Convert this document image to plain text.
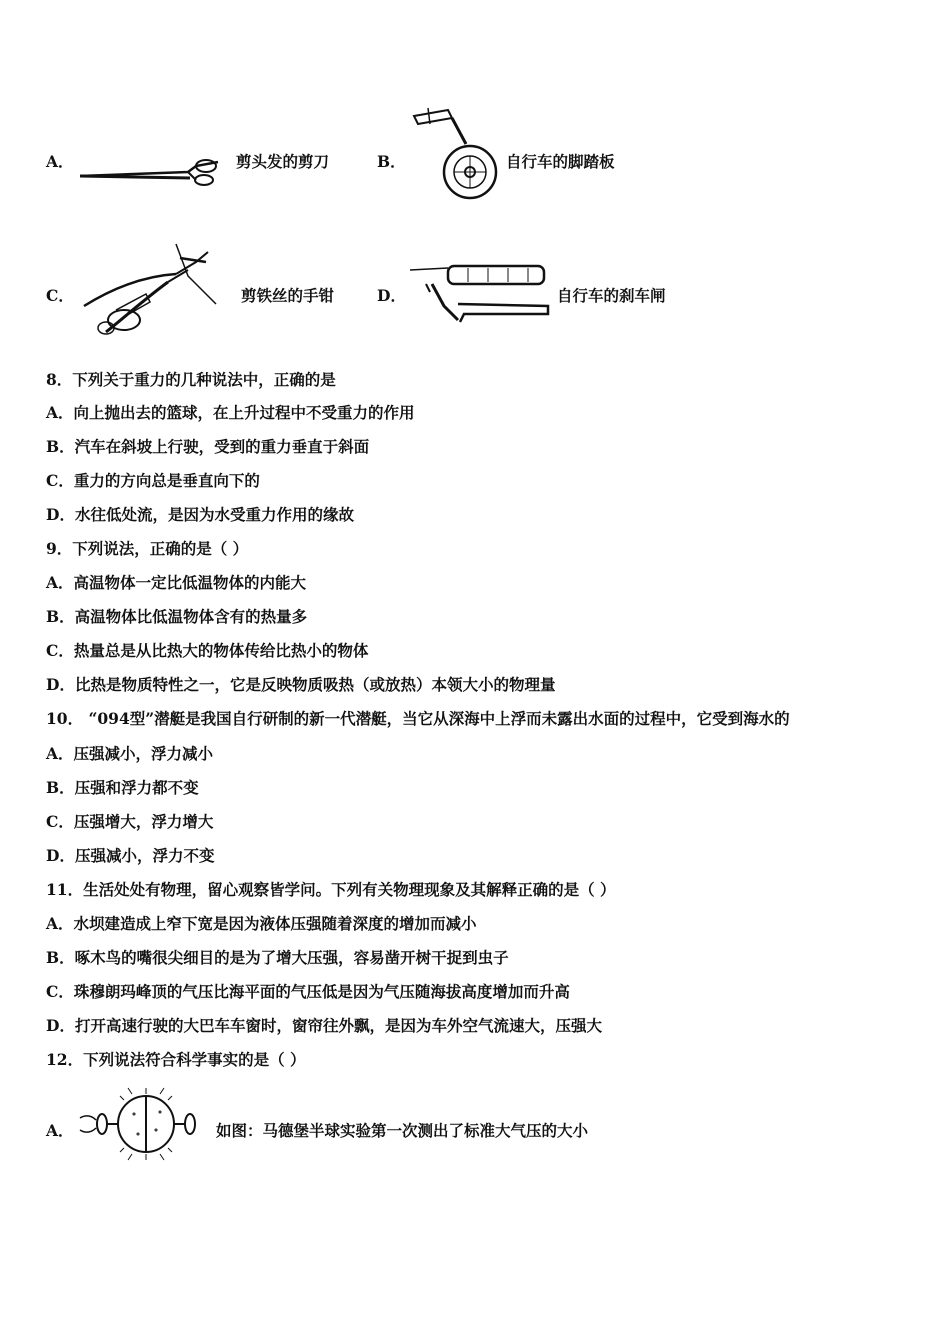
A．	剪头发的剪刀	B．	自行车的脚踏板
C．	剪铁丝的手钳	D．	自行车的刹车闸
8．下列关于重力的几种说法中，正确的是
A．向上抛出去的篮球，在上升过程中不受重力的作用
B．汽车在斜坡上行驶，受到的重力垂直于斜面
C．重力的方向总是垂直向下的
D．水往低处流，是因为水受重力作用的缘故
9．下列说法，正确的是（ ）
A．高温物体一定比低温物体的内能大
B．高温物体比低温物体含有的热量多
C．热量总是从比热大的物体传给比热小的物体
D．比热是物质特性之一，它是反映物质吸热（或放热）本领大小的物理量
10． “094型”潜艇是我国自行研制的新一代潜艇，当它从深海中上浮而未露出水面的过程中，它受到海水的
A．压强减小，浮力减小
B．压强和浮力都不变
C．压强增大，浮力增大
D．压强减小，浮力不变
11．生活处处有物理，留心观察皆学问。下列有关物理现象及其解释正确的是（ ）
A．水坝建造成上窄下宽是因为液体压强随着深度的增加而减小
B．啄木鸟的嘴很尖细目的是为了增大压强，容易凿开树干捉到虫子
C．珠穆朗玛峰顶的气压比海平面的气压低是因为气压随海拔高度增加而升高
D．打开高速行驶的大巴车车窗时，窗帘往外飘，是因为车外空气流速大，压强大
12．下列说法符合科学事实的是（ ）
A．	如图：马德堡半球实验第一次测出了标准大气压的大小
